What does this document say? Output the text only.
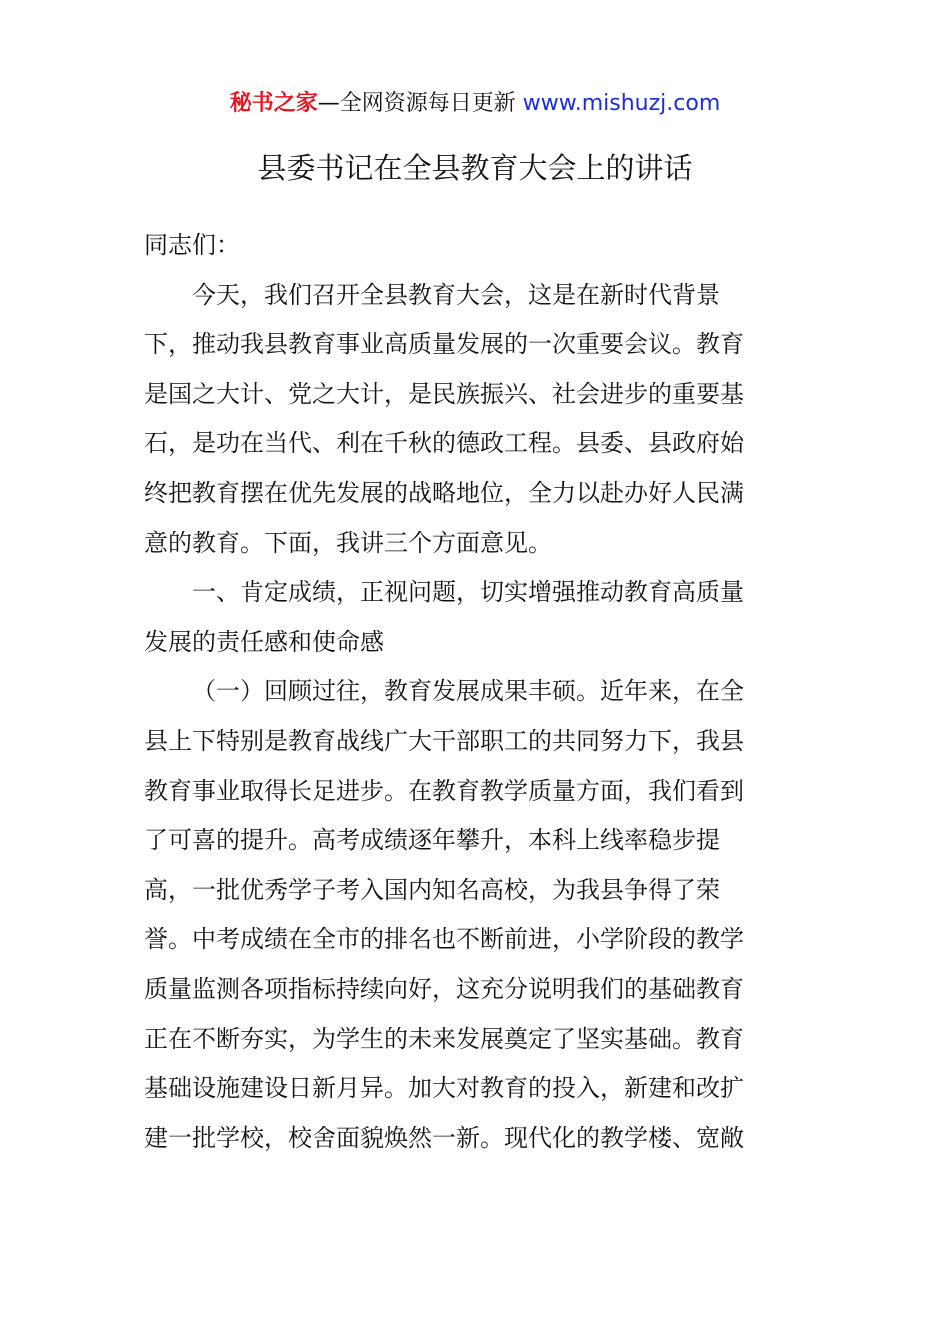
秘书之家—全网资源每日更新 www.mishuzj.com
县委书记在全县教育大会上的讲话
同志们：
今天，我们召开全县教育大会，这是在新时代背景
下，推动我县教育事业高质量发展的一次重要会议。教育
是国之大计、党之大计，是民族振兴、社会进步的重要基
石，是功在当代、利在千秋的德政工程。县委、县政府始
终把教育摆在优先发展的战略地位，全力以赴办好人民满
意的教育。下面，我讲三个方面意见。
一、肯定成绩，正视问题，切实增强推动教育高质量
发展的责任感和使命感
（一）回顾过往，教育发展成果丰硕。近年来，在全
县上下特别是教育战线广大干部职工的共同努力下，我县
教育事业取得长足进步。在教育教学质量方面，我们看到
了可喜的提升。高考成绩逐年攀升，本科上线率稳步提
高，一批优秀学子考入国内知名高校，为我县争得了荣
誉。中考成绩在全市的排名也不断前进，小学阶段的教学
质量监测各项指标持续向好，这充分说明我们的基础教育
正在不断夯实，为学生的未来发展奠定了坚实基础。教育
基础设施建设日新月异。加大对教育的投入，新建和改扩
建一批学校，校舍面貌焕然一新。现代化的教学楼、宽敞
